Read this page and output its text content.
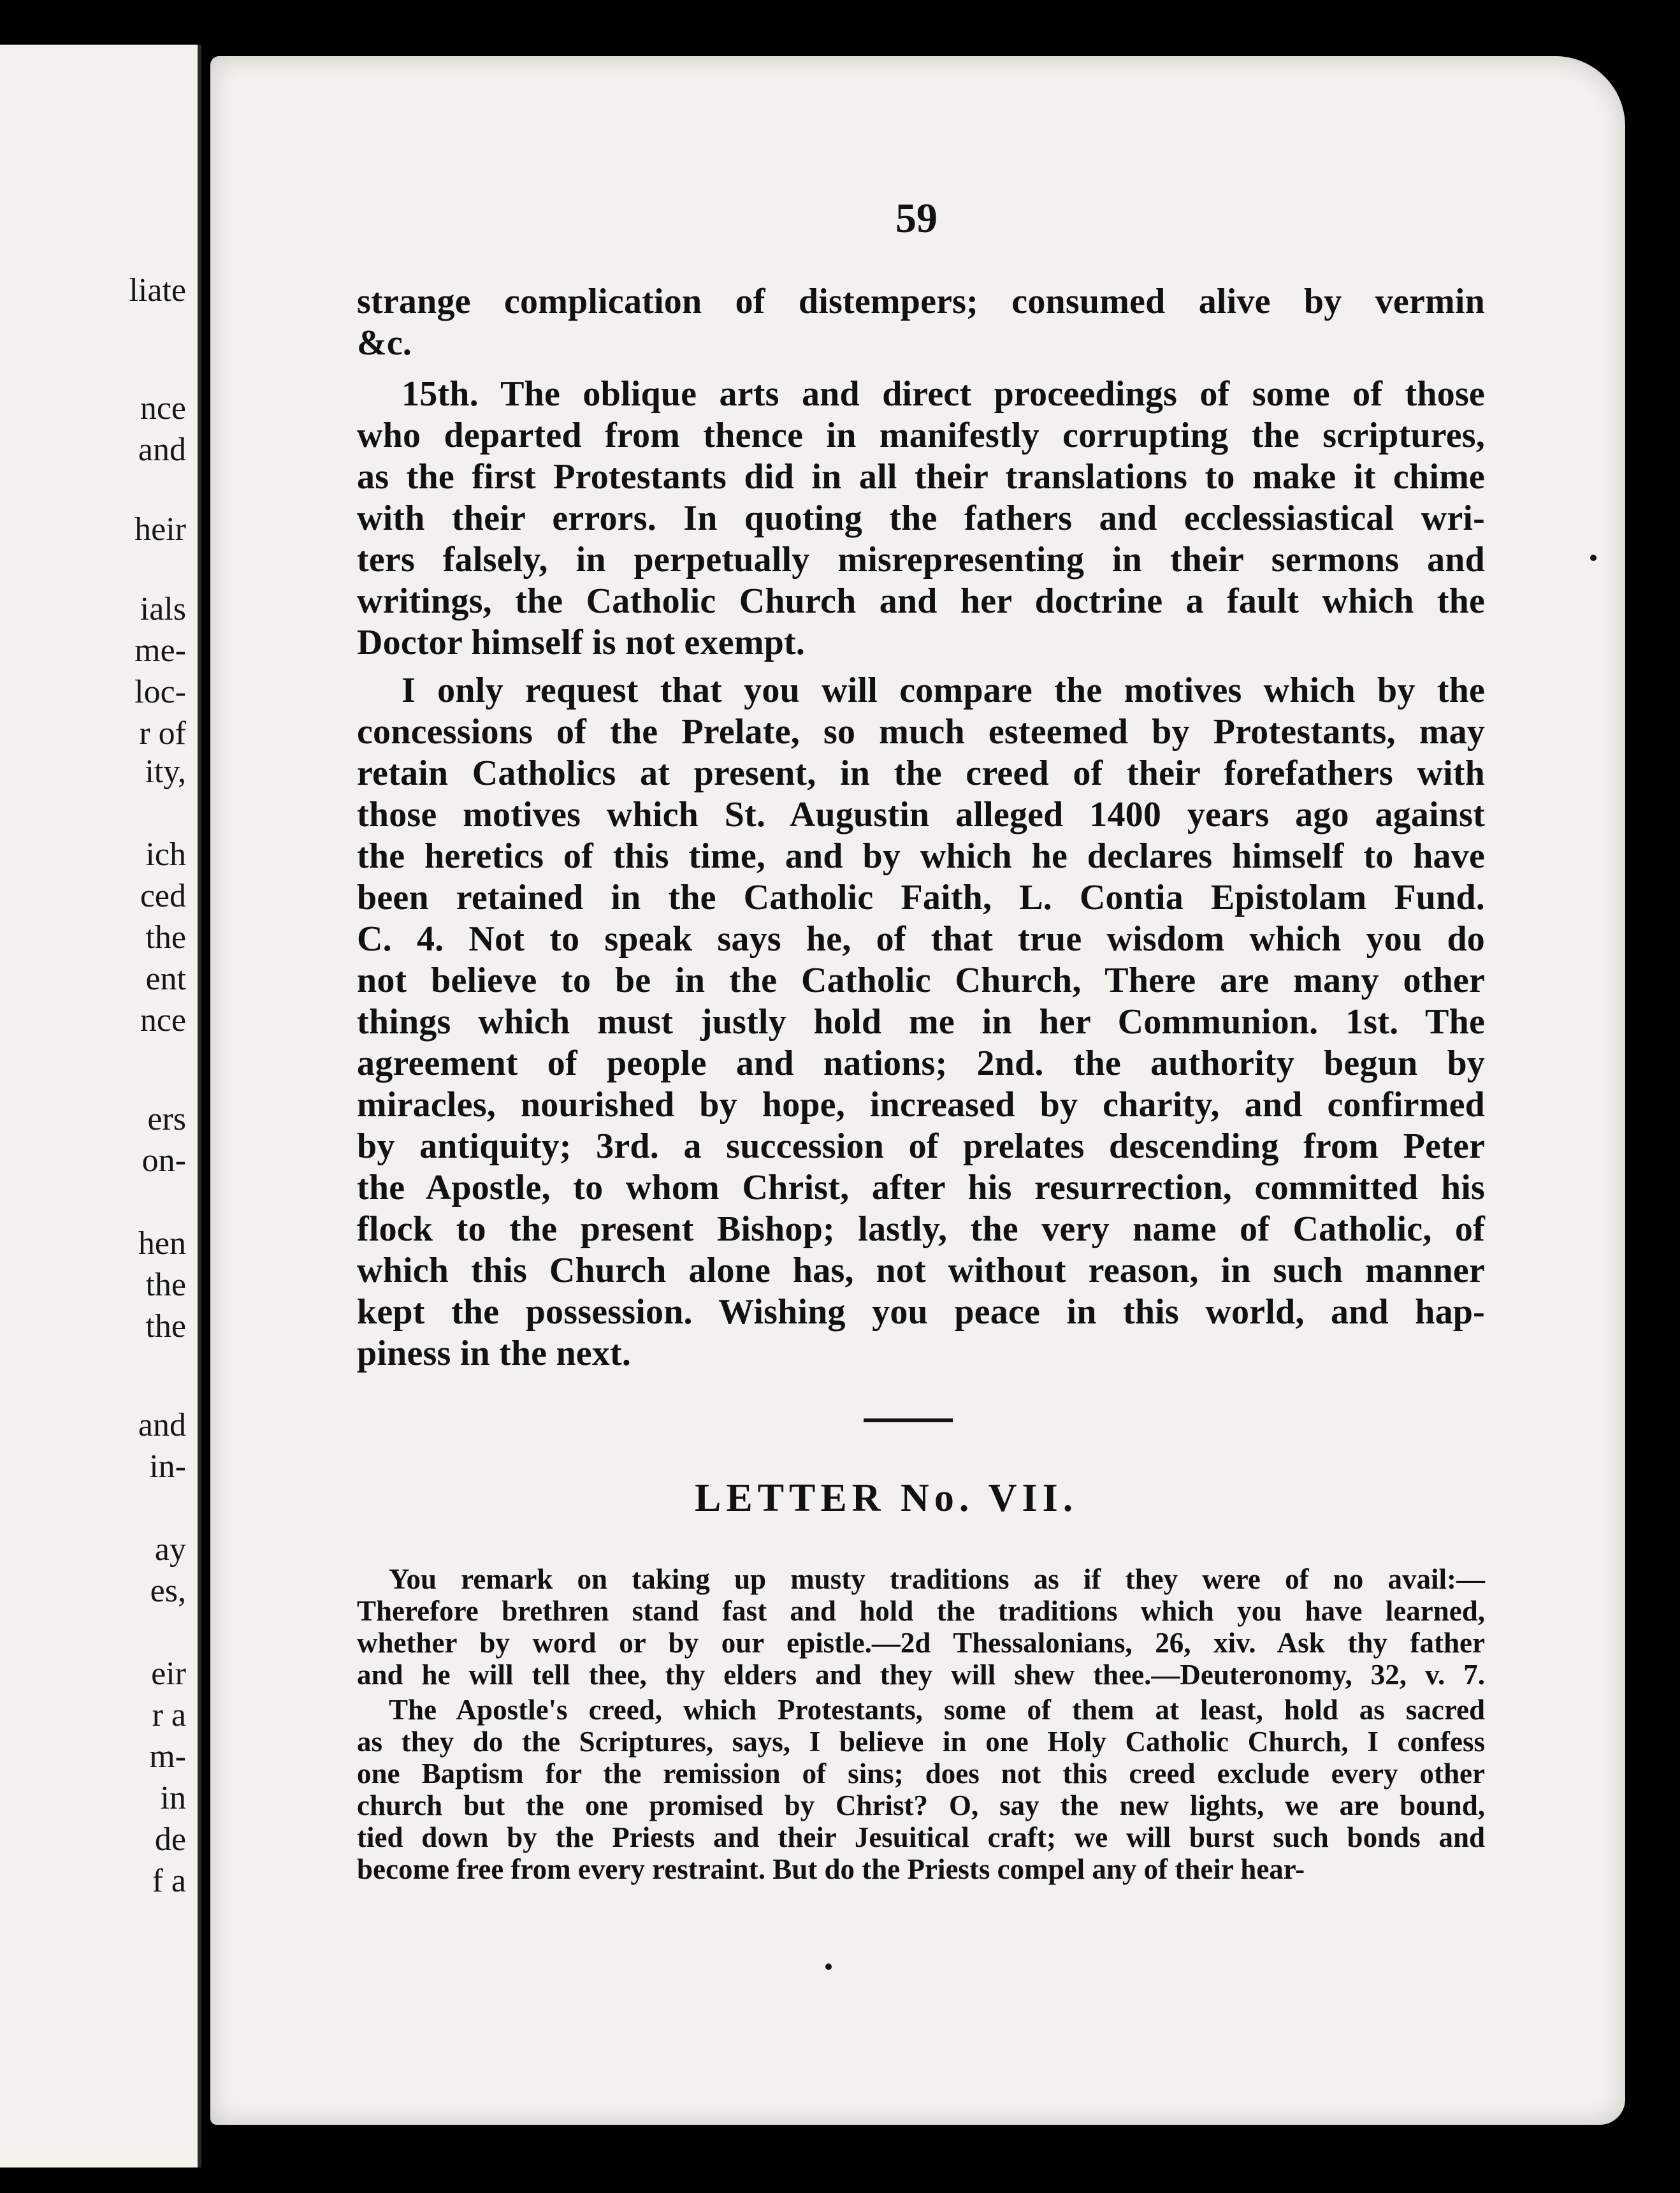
liate
nce
and
heir
ials
me-
loc-
r of
ity,
ich
ced
the
ent
nce
ers
on-
hen
the
the
and
in-
ay
es,
eir
r a
m-
in
de
f a
59
strange complication of distempers; consumed alive by vermin
&c.
15th. The oblique arts and direct proceedings of some of those
who departed from thence in manifestly corrupting the scriptures,
as the first Protestants did in all their translations to make it chime
with their errors. In quoting the fathers and ecclessiastical wri-
ters falsely, in perpetually misrepresenting in their sermons and
writings, the Catholic Church and her doctrine a fault which the
Doctor himself is not exempt.
I only request that you will compare the motives which by the
concessions of the Prelate, so much esteemed by Protestants, may
retain Catholics at present, in the creed of their forefathers with
those motives which St. Augustin alleged 1400 years ago against
the heretics of this time, and by which he declares himself to have
been retained in the Catholic Faith, L. Contia Epistolam Fund.
C. 4. Not to speak says he, of that true wisdom which you do
not believe to be in the Catholic Church, There are many other
things which must justly hold me in her Communion. 1st. The
agreement of people and nations; 2nd. the authority begun by
miracles, nourished by hope, increased by charity, and confirmed
by antiquity; 3rd. a succession of prelates descending from Peter
the Apostle, to whom Christ, after his resurrection, committed his
flock to the present Bishop; lastly, the very name of Catholic, of
which this Church alone has, not without reason, in such manner
kept the possession. Wishing you peace in this world, and hap-
piness in the next.
LETTER No. VII.
You remark on taking up musty traditions as if they were of no avail:—
Therefore brethren stand fast and hold the traditions which you have learned,
whether by word or by our epistle.—2d Thessalonians, 26, xiv. Ask thy father
and he will tell thee, thy elders and they will shew thee.—Deuteronomy, 32, v. 7.
The Apostle's creed, which Protestants, some of them at least, hold as sacred
as they do the Scriptures, says, I believe in one Holy Catholic Church, I confess
one Baptism for the remission of sins; does not this creed exclude every other
church but the one promised by Christ? O, say the new lights, we are bound,
tied down by the Priests and their Jesuitical craft; we will burst such bonds and
become free from every restraint. But do the Priests compel any of their hear-
